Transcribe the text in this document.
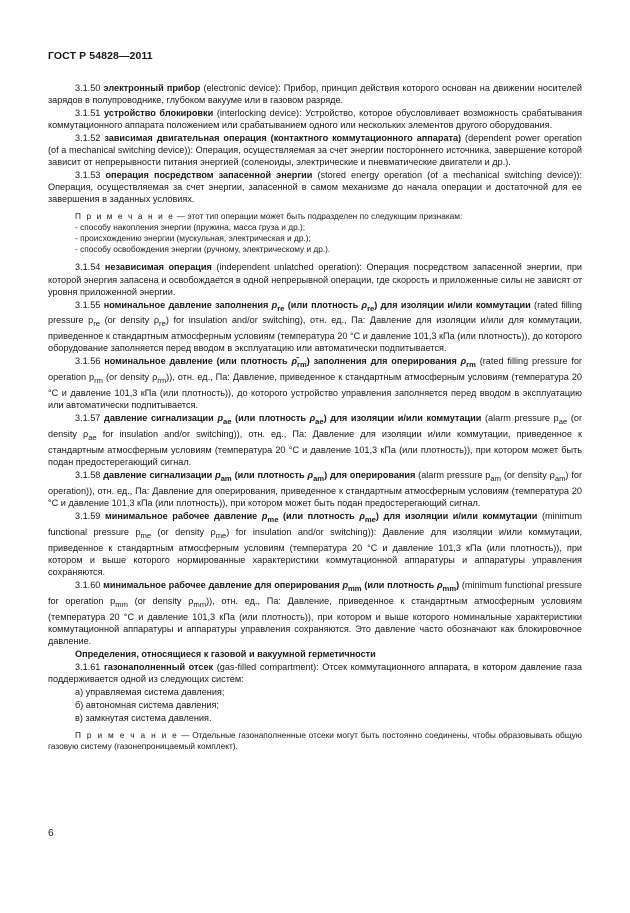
ГОСТ Р 54828—2011

3.1.50 электронный прибор (electronic device): Прибор, принцип действия которого основан на движении носителей зарядов в полупроводнике, глубоком вакууме или в газовом разряде.

3.1.51 устройство блокировки (interlocking device): Устройство, которое обусловливает возможность срабатывания коммутационного аппарата положением или срабатыванием одного или нескольких элементов другого оборудования.

3.1.52 зависимая двигательная операция (контактного коммутационного аппарата) (dependent power operation (of a mechanical switching device)): Операция, осуществляемая за счет энергии постороннего источника, завершение которой зависит от непрерывности питания энергией (соленоиды, электрические и пневматические двигатели и др.).

3.1.53 операция посредством запасенной энергии (stored energy operation (of a mechanical switching device)): Операция, осуществляемая за счет энергии, запасенной в самом механизме до начала операции и достаточной для ее завершения в заданных условиях.

П р и м е ч а н и е — этот тип операции может быть подразделен по следующим признакам:

- способу накопления энергии (пружина, масса груза и др.);

- происхождению энергии (мускульная, электрическая и др.);

- способу освобождения энергии (ручному, электрическому и др.).

3.1.54 независимая операция (independent unlatched operation): Операция посредством запасенной энергии, при которой энергия запасена и освобождается в одной непрерывной операции, где скорость и приложенные силы не зависят от уровня приложенной энергии.

3.1.55 номинальное давление заполнения $p_{re}$ (или плотность $\rho_{re}$) для изоляции и/или коммутации (rated filling pressure $p_{re}$ (or density $\rho_{re}$) for insulation and/or switching), отн. ед., Па: Давление для изоляции и/или для коммутации, приведенное к стандартным атмосферным условиям (температура 20 °С и давление 101,3 кПа (или плотность)), до которого оборудование заполняется перед вводом в эксплуатацию или автоматически подпитывается.

3.1.56 номинальное давление (или плотность $\rhō_{rm}$) заполнения для оперирования $\rho_{rm}$ (rated filling pressure for operation $p_{rm}$ (or density $\rho_{rm}$)), отн. ед., Па: Давление, приведенное к стандартным атмосферным условиям (температура 20 °С и давление 101,3 кПа (или плотность)), до которого устройство управления заполняется перед вводом в эксплуатацию или автоматически подпитывается.

3.1.57 давление сигнализации $p_{ae}$ (или плотность $\rho_{ae}$) для изоляции и/или коммутации (alarm pressure $p_{ae}$ (or density $\rho_{ae}$ for insulation and/or switching)), отн. ед., Па: Давление для изоляции и/или коммутации, приведенное к стандартным атмосферным условиям (температура 20 °С и давление 101,3 кПа (или плотность)), при котором может быть подан предостерегающий сигнал.

3.1.58 давление сигнализации $p_{am}$ (или плотность $\rho_{am}$) для оперирования (alarm pressure $p_{am}$ (or density $\rho_{am}$) for operation)), отн. ед., Па: Давление для оперирования, приведенное к стандартным атмосферным условиям (температура 20 °С и давление 101,3 кПа (или плотность)), при котором может быть подан предостерегающий сигнал.

3.1.59 минимальное рабочее давление $p_{me}$ (или плотность $\rho_{me}$) для изоляции и/или коммутации (minimum functional pressure $p_{me}$ (or density $\rho_{me}$) for insulation and/or switching)): Давление для изоляции и/или коммутации, приведенное к стандартным атмосферным условиям (температура 20 °С и давление 101,3 кПа (или плотность)), при котором и выше которого нормированные характеристики коммутационной аппаратуры и аппаратуры управления сохраняются.

3.1.60 минимальное рабочее давление для оперирования $p_{mm}$ (или плотность $\rho_{mm}$) (minimum functional pressure for operation $p_{mm}$ (or density $\rho_{mm}$)), отн. ед., Па: Давление, приведенное к стандартным атмосферным условиям (температура 20 °С и давление 101,3 кПа (или плотность)), при котором и выше которого номинальные характеристики коммутационной аппаратуры и аппаратуры управления сохраняются. Это давление часто обозначают как блокировочное давление.

Определения, относящиеся к газовой и вакуумной герметичности

3.1.61 газонаполненный отсек (gas-filled compartment): Отсек коммутационного аппарата, в котором давление газа поддерживается одной из следующих систем:

а) управляемая система давления;

б) автономная система давления;

в) замкнутая система давления.

П р и м е ч а н и е — Отдельные газонаполненные отсеки могут быть постоянно соединены, чтобы образовывать общую газовую систему (газонепроницаемый комплект).

6
